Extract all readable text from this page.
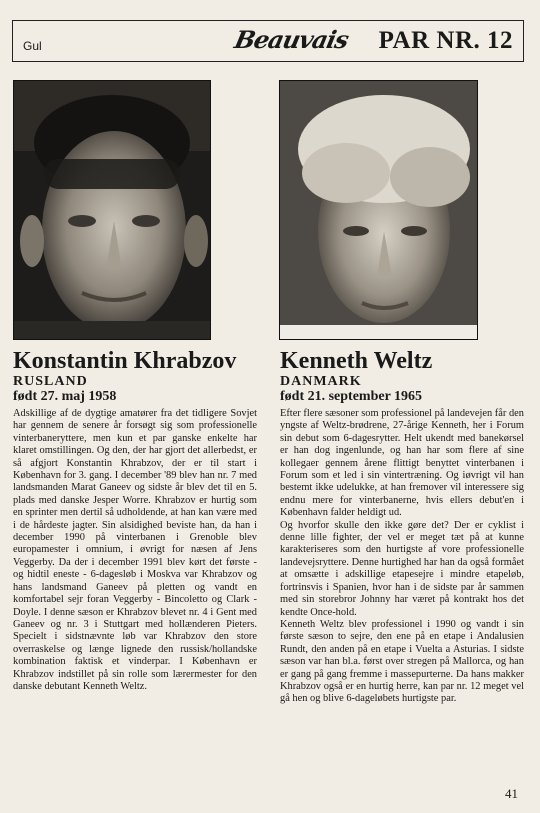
Gul	Beauvais PAR NR. 12
Konstantin Khrabzov
RUSLAND
født 27. maj 1958

Adskillige af de dygtige amatører fra det tidligere Sovjet har gennem de senere år forsøgt sig som professionelle vinterbaneryttere, men kun et par ganske enkelte har klaret omstillingen. Og den, der har gjort det allerbedst, er så afgjort Konstantin Khrabzov, der er til start i København for 3. gang. I december '89 blev han nr. 7 med landsmanden Marat Ganeev og sidste år blev det til en 5. plads med danske Jesper Worre. Khrabzov er hurtig som en sprinter men dertil så udholdende, at han kan være med i de hårdeste jagter. Sin alsidighed beviste han, da han i december 1990 på vinterbanen i Grenoble blev europamester i omnium, i øvrigt for næsen af Jens Veggerby. Da der i december 1991 blev kørt det første - og hidtil eneste - 6-dagesløb i Moskva var Khrabzov og hans landsmand Ganeev på pletten og vandt en komfortabel sejr foran Veggerby - Bincoletto og Clark - Doyle. I denne sæson er Khrabzov blevet nr. 4 i Gent med Ganeev og nr. 3 i Stuttgart med hollænderen Pieters. Specielt i sidstnævnte løb var Khrabzov den store overraskelse og længe lignede den russisk/hollandske kombination faktisk et vinderpar. I København er Khrabzov indstillet på sin rolle som lærermester for den danske debutant Kenneth Weltz.

Kenneth Weltz
DANMARK
født 21. september 1965

Efter flere sæsoner som professionel på landevejen får den yngste af Weltz-brødrene, 27-årige Kenneth, her i Forum sin debut som 6-dagesrytter. Helt ukendt med banekørsel er han dog ingenlunde, og han har som flere af sine kollegaer gennem årene flittigt benyttet vinterbanen i Forum som et led i sin vintertræning. Og iøvrigt vil han bestemt ikke udelukke, at han fremover vil interessere sig endnu mere for vinterbanerne, hvis ellers debut'en i København falder heldigt ud.

Og hvorfor skulle den ikke gøre det? Der er cyklist i denne lille fighter, der vel er meget tæt på at kunne karakteriseres som den hurtigste af vore professionelle landevejsryttere. Denne hurtighed har han da også formået at omsætte i adskillige etapesejre i mindre etapeløb, fortrinsvis i Spanien, hvor han i de sidste par år sammen med sin storebror Johnny har været på kontrakt hos det kendte Once-hold.

Kenneth Weltz blev professionel i 1990 og vandt i sin første sæson to sejre, den ene på en etape i Andalusien Rundt, den anden på en etape i Vuelta a Asturias. I sidste sæson var han bl.a. først over stregen på Mallorca, og han er gang på gang fremme i massepurterne. Da hans makker Khrabzov også er en hurtig herre, kan par nr. 12 meget vel gå hen og blive 6-dageløbets hurtigste par.

41
